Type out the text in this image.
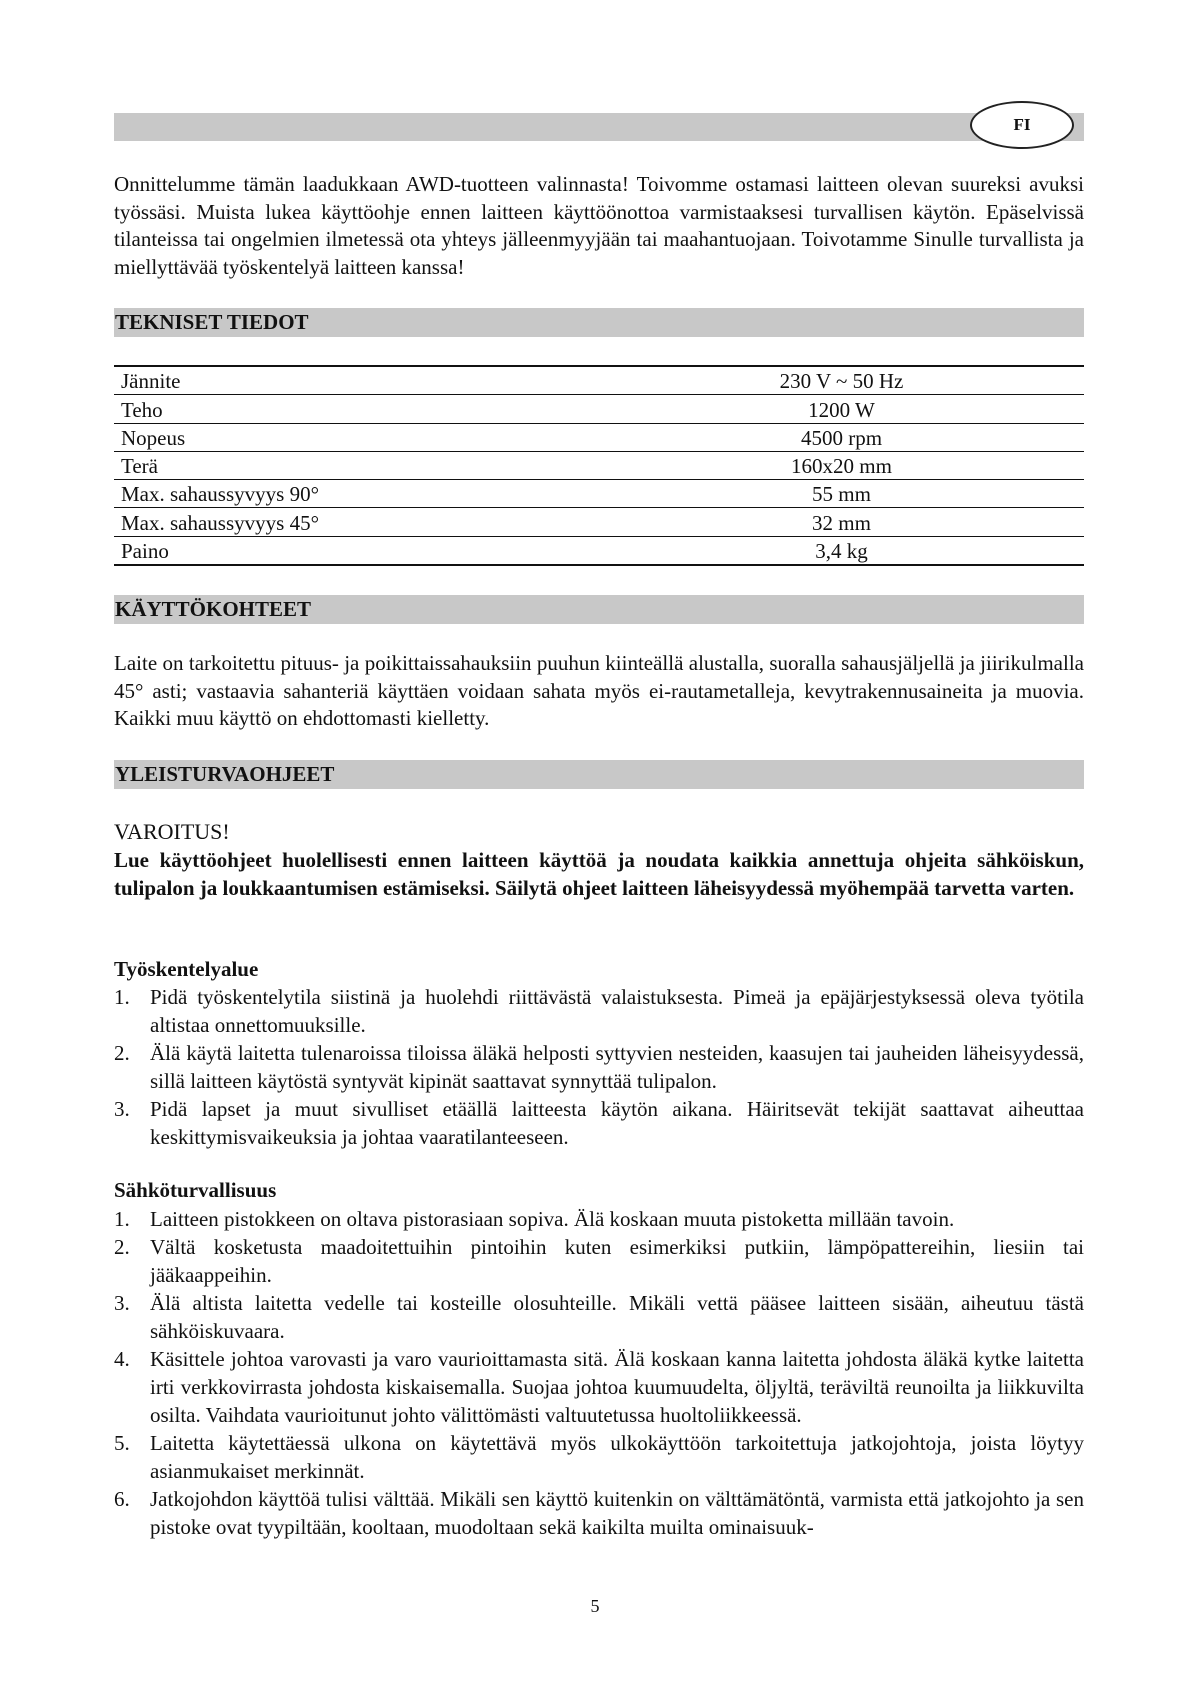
FI

Onnittelumme tämän laadukkaan AWD-tuotteen valinnasta! Toivomme ostamasi laitteen olevan suureksi avuksi työssäsi. Muista lukea käyttöohje ennen laitteen käyttöönottoa varmistaaksesi turvallisen käytön. Epäselvissä tilanteissa tai ongelmien ilmetessä ota yhteys jälleenmyyjään tai maahantuojaan. Toivotamme Sinulle turvallista ja miellyttävää työskentelyä laitteen kanssa!

TEKNISET TIEDOT
Jännite	230 V ~ 50 Hz
Teho	1200 W
Nopeus	4500 rpm
Terä	160x20 mm
Max. sahaussyvyys 90°	55 mm
Max. sahaussyvyys 45°	32 mm
Paino	3,4 kg
KÄYTTÖKOHTEET

Laite on tarkoitettu pituus- ja poikittaissahauksiin puuhun kiinteällä alustalla, suoralla sahausjäljellä ja jiirikulmalla 45° asti; vastaavia sahanteriä käyttäen voidaan sahata myös ei-rautametalleja, kevytrakennusaineita ja muovia. Kaikki muu käyttö on ehdottomasti kielletty.

YLEISTURVAOHJEET

VAROITUS!

Lue käyttöohjeet huolellisesti ennen laitteen käyttöä ja noudata kaikkia annettuja ohjeita sähköiskun, tulipalon ja loukkaantumisen estämiseksi. Säilytä ohjeet laitteen läheisyydessä myöhempää tarvetta varten.

Työskentelyalue

1. Pidä työskentelytila siistinä ja huolehdi riittävästä valaistuksesta. Pimeä ja epäjärjestyksessä oleva työtila altistaa onnettomuuksille.
2. Älä käytä laitetta tulenaroissa tiloissa äläkä helposti syttyvien nesteiden, kaasujen tai jauheiden läheisyydessä, sillä laitteen käytöstä syntyvät kipinät saattavat synnyttää tulipalon.
3. Pidä lapset ja muut sivulliset etäällä laitteesta käytön aikana. Häiritsevät tekijät saattavat aiheuttaa keskittymisvaikeuksia ja johtaa vaaratilanteeseen.

Sähköturvallisuus

1. Laitteen pistokkeen on oltava pistorasiaan sopiva. Älä koskaan muuta pistoketta millään tavoin.
2. Vältä kosketusta maadoitettuihin pintoihin kuten esimerkiksi putkiin, lämpöpattereihin, liesiin tai jääkaappeihin.
3. Älä altista laitetta vedelle tai kosteille olosuhteille. Mikäli vettä pääsee laitteen sisään, aiheutuu tästä sähköiskuvaara.
4. Käsittele johtoa varovasti ja varo vaurioittamasta sitä. Älä koskaan kanna laitetta johdosta äläkä kytke laitetta irti verkkovirrasta johdosta kiskaisemalla. Suojaa johtoa kuumuudelta, öljyltä, teräviltä reunoilta ja liikkuvilta osilta. Vaihdata vaurioitunut johto välittömästi valtuutetussa huoltoliikkeessä.
5. Laitetta käytettäessä ulkona on käytettävä myös ulkokäyttöön tarkoitettuja jatkojohtoja, joista löytyy asianmukaiset merkinnät.
6. Jatkojohdon käyttöä tulisi välttää. Mikäli sen käyttö kuitenkin on välttämätöntä, varmista että jatkojohto ja sen pistoke ovat tyypiltään, kooltaan, muodoltaan sekä kaikilta muilta ominaisuuk-
5
